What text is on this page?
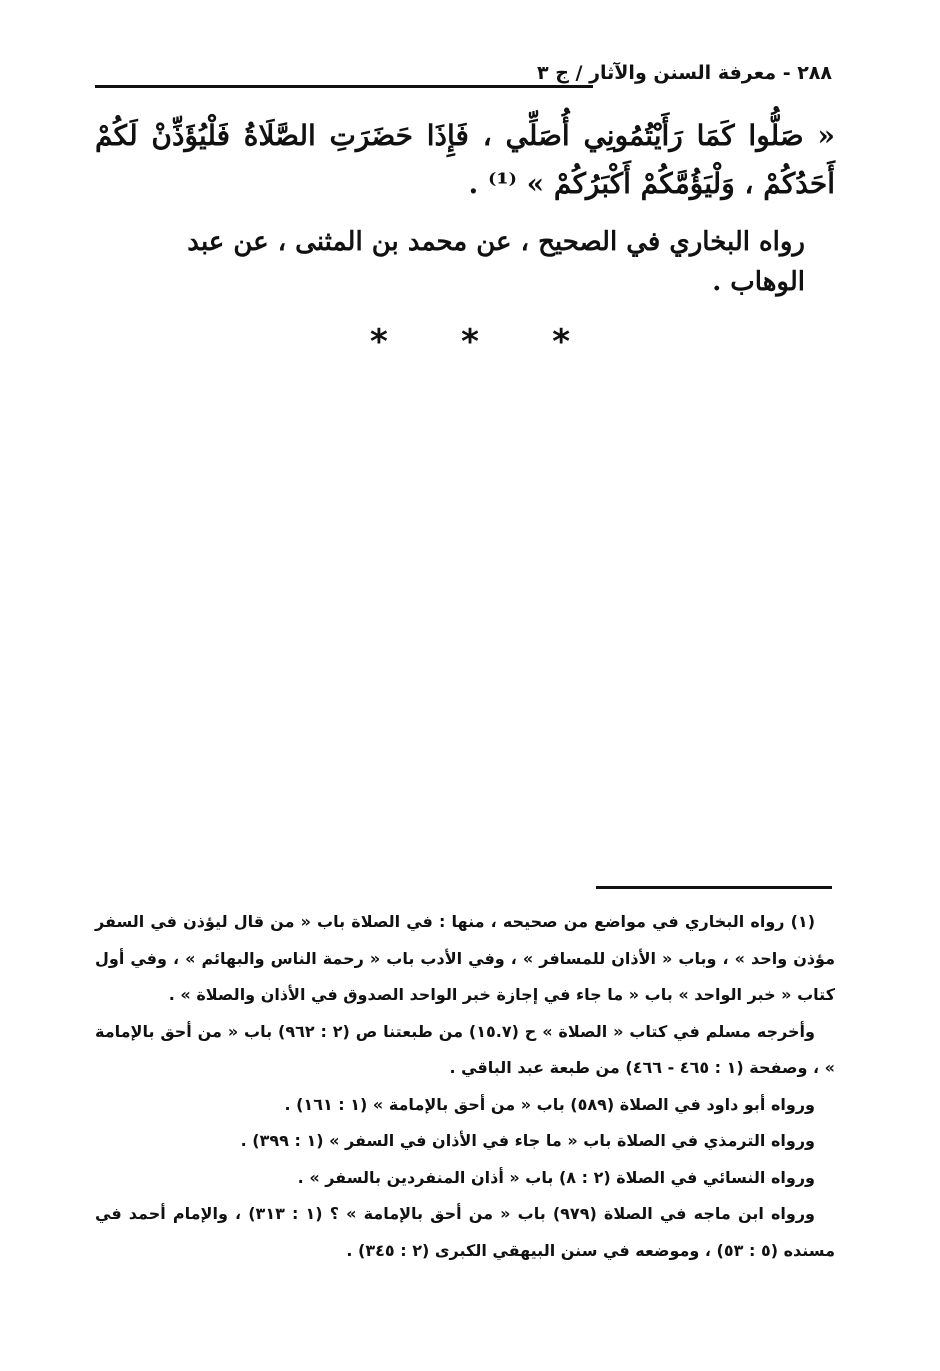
٢٨٨ - معرفة السنن والآثار / ج ٣
« صَلُّوا كَمَا رَأَيْتُمُونِي أُصَلِّي ، فَإِذَا حَضَرَتِ الصَّلَاةُ فَلْيُؤَذِّنْ لَكُمْ أَحَدُكُمْ ، وَلْيَؤُمَّكُمْ أَكْبَرُكُمْ » ⁽¹⁾ .
رواه البخاري في الصحيح ، عن محمد بن المثنى ، عن عبد الوهاب .
* * *

(١) رواه البخاري في مواضع من صحيحه ، منها : في الصلاة باب « من قال ليؤذن في السفر مؤذن واحد » ، وباب « الأذان للمسافر » ، وفي الأدب باب « رحمة الناس والبهائم » ، وفي أول كتاب « خبر الواحد » باب « ما جاء في إجازة خبر الواحد الصدوق في الأذان والصلاة » .

وأخرجه مسلم في كتاب « الصلاة » ح (١٥.٧) من طبعتنا ص (٢ : ٩٦٢) باب « من أحق بالإمامة » ، وصفحة (١ : ٤٦٥ - ٤٦٦) من طبعة عبد الباقي .

ورواه أبو داود في الصلاة (٥٨٩) باب « من أحق بالإمامة » (١ : ١٦١) .

ورواه الترمذي في الصلاة باب « ما جاء في الأذان في السفر » (١ : ٣٩٩) .

ورواه النسائي في الصلاة (٢ : ٨) باب « أذان المنفردين بالسفر » .

ورواه ابن ماجه في الصلاة (٩٧٩) باب « من أحق بالإمامة » ؟ (١ : ٣١٣) ، والإمام أحمد في مسنده (٥ : ٥٣) ، وموضعه في سنن البيهقي الكبرى (٢ : ٣٤٥) .
